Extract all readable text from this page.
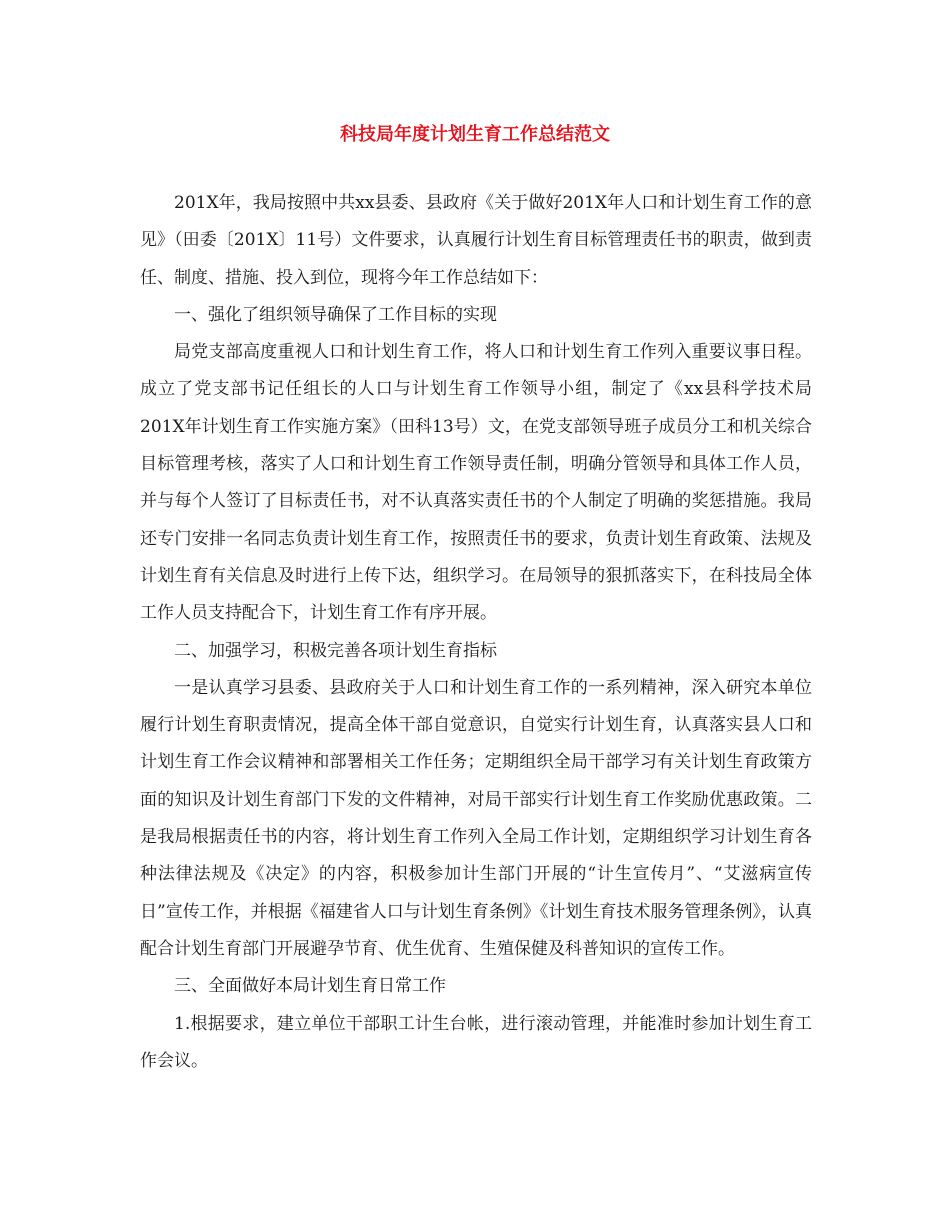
科技局年度计划生育工作总结范文

201X年，我局按照中共xx县委、县政府《关于做好201X年人口和计划生育工作的意见》（田委〔201X〕11号）文件要求，认真履行计划生育目标管理责任书的职责，做到责任、制度、措施、投入到位，现将今年工作总结如下：

一、强化了组织领导确保了工作目标的实现

局党支部高度重视人口和计划生育工作，将人口和计划生育工作列入重要议事日程。成立了党支部书记任组长的人口与计划生育工作领导小组，制定了《xx县科学技术局201X年计划生育工作实施方案》（田科13号）文，在党支部领导班子成员分工和机关综合目标管理考核，落实了人口和计划生育工作领导责任制，明确分管领导和具体工作人员，并与每个人签订了目标责任书，对不认真落实责任书的个人制定了明确的奖惩措施。我局还专门安排一名同志负责计划生育工作，按照责任书的要求，负责计划生育政策、法规及计划生育有关信息及时进行上传下达，组织学习。在局领导的狠抓落实下，在科技局全体工作人员支持配合下，计划生育工作有序开展。

二、加强学习，积极完善各项计划生育指标

一是认真学习县委、县政府关于人口和计划生育工作的一系列精神，深入研究本单位履行计划生育职责情况，提高全体干部自觉意识，自觉实行计划生育，认真落实县人口和计划生育工作会议精神和部署相关工作任务；定期组织全局干部学习有关计划生育政策方面的知识及计划生育部门下发的文件精神，对局干部实行计划生育工作奖励优惠政策。二是我局根据责任书的内容，将计划生育工作列入全局工作计划，定期组织学习计划生育各种法律法规及《决定》的内容，积极参加计生部门开展的“计生宣传月”、“艾滋病宣传日”宣传工作，并根据《福建省人口与计划生育条例》《计划生育技术服务管理条例》，认真配合计划生育部门开展避孕节育、优生优育、生殖保健及科普知识的宣传工作。

三、全面做好本局计划生育日常工作

1.根据要求，建立单位干部职工计生台帐，进行滚动管理，并能准时参加计划生育工作会议。
